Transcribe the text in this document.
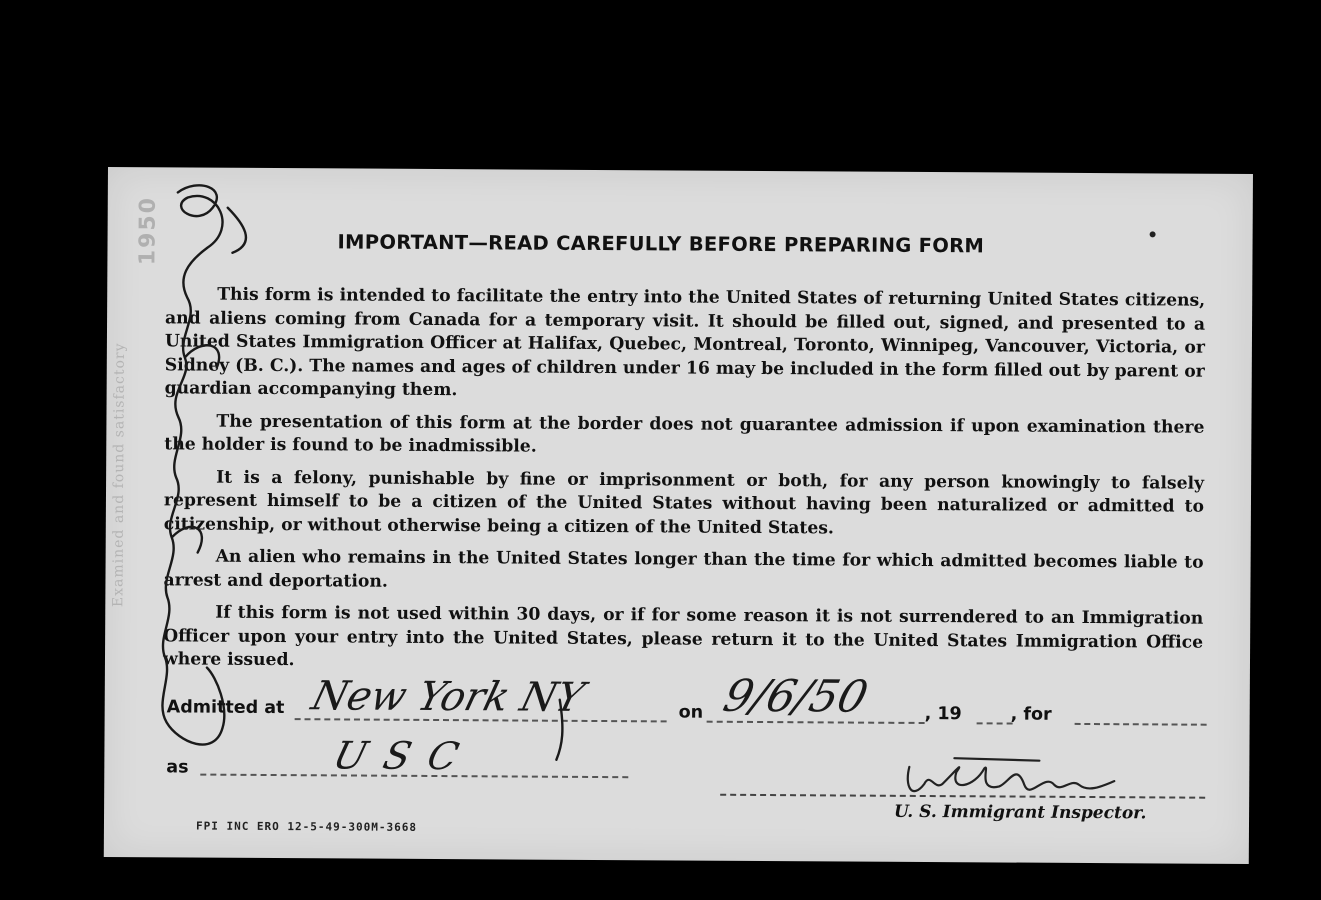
1950
Examined and found satisfactory
IMPORTANT—READ CAREFULLY BEFORE PREPARING FORM

This form is intended to facilitate the entry into the United States of returning United States citizens, and aliens coming from Canada for a temporary visit. It should be filled out, signed, and presented to a United States Immigration Officer at Halifax, Quebec, Montreal, Toronto, Winnipeg, Vancouver, Victoria, or Sidney (B. C.). The names and ages of children under 16 may be included in the form filled out by parent or guardian accompanying them.

The presentation of this form at the border does not guarantee admission if upon examination there the holder is found to be inadmissible.

It is a felony, punishable by fine or imprisonment or both, for any person knowingly to falsely represent himself to be a citizen of the United States without having been naturalized or admitted to citizenship, or without otherwise being a citizen of the United States.

An alien who remains in the United States longer than the time for which admitted becomes liable to arrest and deportation.

If this form is not used within 30 days, or if for some reason it is not surrendered to an Immigration Officer upon your entry into the United States, please return it to the United States Immigration Office where issued.

Admitted at New York NY	on 9/6/50	, 19	, for
as	USC
U. S. Immigrant Inspector.
FPI INC ERO 12-5-49-300M-3668
